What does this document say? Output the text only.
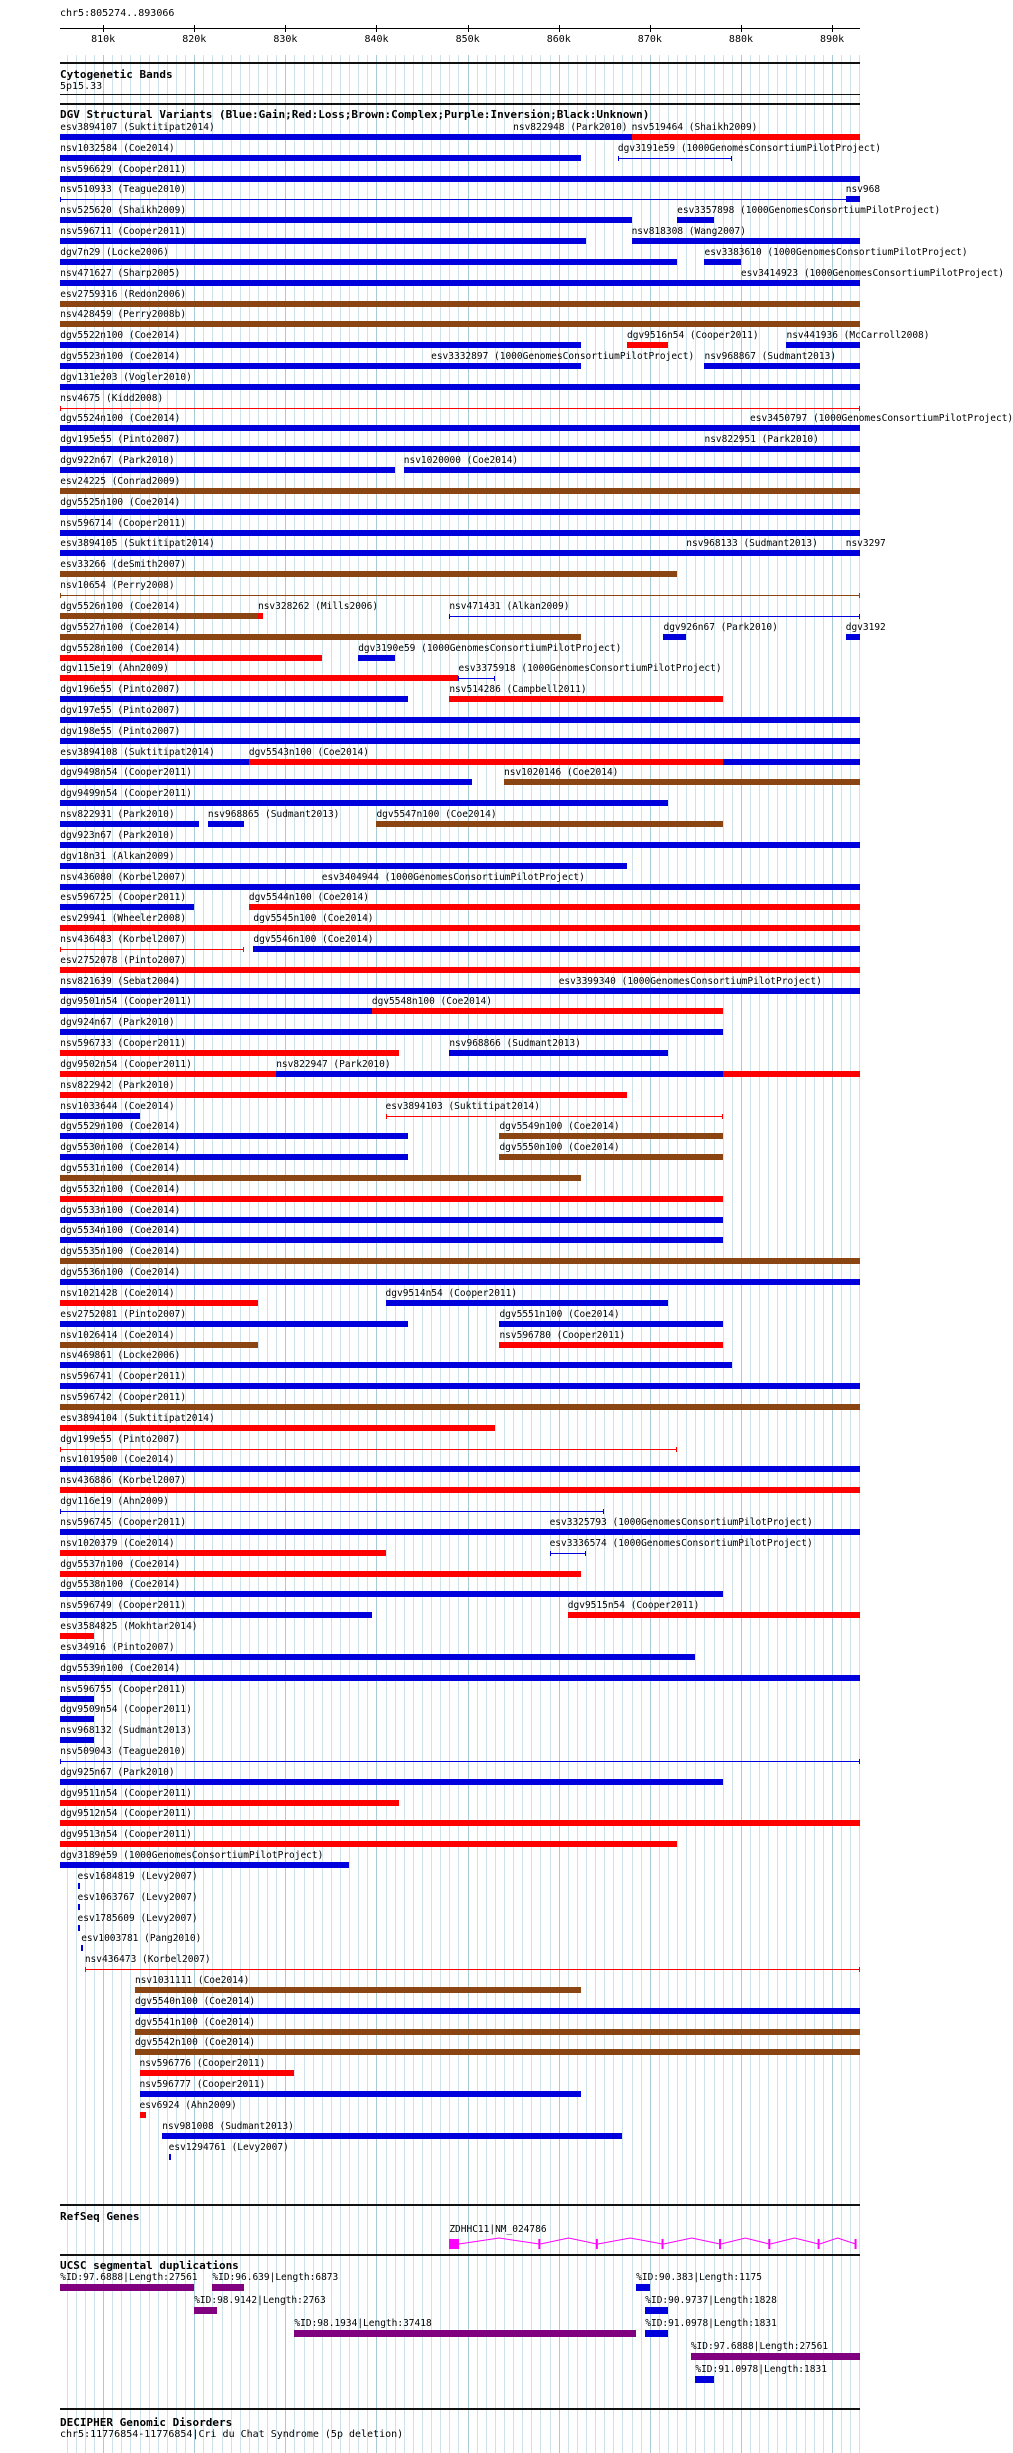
chr5:805274..893066
810k	820k	830k	840k	850k	860k	870k	880k	890k
Cytogenetic Bands
5p15.33
DGV Structural Variants (Blue:Gain;Red:Loss;Brown:Complex;Purple:Inversion;Black:Unknown)
esv3894107 (Suktitipat2014)	nsv822948 (Park2010) nsv519464 (Shaikh2009)
nsv1032584 (Coe2014)	dgv3191e59 (1000GenomesConsortiumPilotProject)
nsv596629 (Cooper2011)
nsv510933 (Teague2010)	nsv968
nsv525620 (Shaikh2009)	esv3357898 (1000GenomesConsortiumPilotProject)
nsv596711 (Cooper2011)	nsv818308 (Wang2007)
dgv7n29 (Locke2006)	esv3383610 (1000GenomesConsortiumPilotProject)
nsv471627 (Sharp2005)	esv3414923 (1000GenomesConsortiumPilotProject)
esv2759316 (Redon2006)
nsv428459 (Perry2008b)
dgv5522n100 (Coe2014)	dgv9516n54 (Cooper2011)	nsv441936 (McCarroll2008)
dgv5523n100 (Coe2014)	esv3332897 (1000GenomesConsortiumPilotProject) nsv968867 (Sudmant2013)
dgv131e203 (Vogler2010)
nsv4675 (Kidd2008)
dgv5524n100 (Coe2014)	esv3450797 (1000GenomesConsortiumPilotProject)
dgv195e55 (Pinto2007)	nsv822951 (Park2010)
dgv922n67 (Park2010)	nsv1020000 (Coe2014)
esv24225 (Conrad2009)
dgv5525n100 (Coe2014)
nsv596714 (Cooper2011)
esv3894105 (Suktitipat2014)	nsv968133 (Sudmant2013)	nsv3297
esv33266 (deSmith2007)
nsv10654 (Perry2008)
dgv5526n100 (Coe2014)	nsv328262 (Mills2006)	nsv471431 (Alkan2009)
dgv5527n100 (Coe2014)	dgv926n67 (Park2010)	dgv3192
dgv5528n100 (Coe2014)	dgv3190e59 (1000GenomesConsortiumPilotProject)
dgv115e19 (Ahn2009)	esv3375918 (1000GenomesConsortiumPilotProject)
dgv196e55 (Pinto2007)	nsv514286 (Campbell2011)
dgv197e55 (Pinto2007)
dgv198e55 (Pinto2007)
esv3894108 (Suktitipat2014)	dgv5543n100 (Coe2014)
dgv9498n54 (Cooper2011)	nsv1020146 (Coe2014)
dgv9499n54 (Cooper2011)
nsv822931 (Park2010)	nsv968865 (Sudmant2013)	dgv5547n100 (Coe2014)
dgv923n67 (Park2010)
dgv18n31 (Alkan2009)
nsv436080 (Korbel2007)	esv3404944 (1000GenomesConsortiumPilotProject)
esv596725 (Cooper2011)	dgv5544n100 (Coe2014)
esv29941 (Wheeler2008)	dgv5545n100 (Coe2014)
nsv436483 (Korbel2007)	dgv5546n100 (Coe2014)
esv2752078 (Pinto2007)
nsv821639 (Sebat2004)	esv3399340 (1000GenomesConsortiumPilotProject)
dgv9501n54 (Cooper2011)	dgv5548n100 (Coe2014)
dgv924n67 (Park2010)
nsv596733 (Cooper2011)	nsv968866 (Sudmant2013)
dgv9502n54 (Cooper2011)	nsv822947 (Park2010)
nsv822942 (Park2010)
nsv1033644 (Coe2014)	esv3894103 (Suktitipat2014)
dgv5529n100 (Coe2014)	dgv5549n100 (Coe2014)
dgv5530n100 (Coe2014)	dgv5550n100 (Coe2014)
dgv5531n100 (Coe2014)
dgv5532n100 (Coe2014)
dgv5533n100 (Coe2014)
dgv5534n100 (Coe2014)
dgv5535n100 (Coe2014)
dgv5536n100 (Coe2014)
nsv1021428 (Coe2014)	dgv9514n54 (Cooper2011)
esv2752081 (Pinto2007)	dgv5551n100 (Coe2014)
nsv1026414 (Coe2014)	nsv596780 (Cooper2011)
nsv469861 (Locke2006)
nsv596741 (Cooper2011)
nsv596742 (Cooper2011)
esv3894104 (Suktitipat2014)
dgv199e55 (Pinto2007)
nsv1019500 (Coe2014)
nsv436886 (Korbel2007)
dgv116e19 (Ahn2009)
nsv596745 (Cooper2011)	esv3325793 (1000GenomesConsortiumPilotProject)
nsv1020379 (Coe2014)	esv3336574 (1000GenomesConsortiumPilotProject)
dgv5537n100 (Coe2014)
dgv5538n100 (Coe2014)
nsv596749 (Cooper2011)	dgv9515n54 (Cooper2011)
esv3584825 (Mokhtar2014)
esv34916 (Pinto2007)
dgv5539n100 (Coe2014)
nsv596755 (Cooper2011)
dgv9509n54 (Cooper2011)
nsv968132 (Sudmant2013)
nsv509043 (Teague2010)
dgv925n67 (Park2010)
dgv9511n54 (Cooper2011)
dgv9512n54 (Cooper2011)
dgv9513n54 (Cooper2011)
dgv3189e59 (1000GenomesConsortiumPilotProject)
esv1684819 (Levy2007)
esv1063767 (Levy2007)
esv1785609 (Levy2007)
esv1003781 (Pang2010)
nsv436473 (Korbel2007)
nsv1031111 (Coe2014)
dgv5540n100 (Coe2014)
dgv5541n100 (Coe2014)
dgv5542n100 (Coe2014)
nsv596776 (Cooper2011)
nsv596777 (Cooper2011)
esv6924 (Ahn2009)
nsv981008 (Sudmant2013)
esv1294761 (Levy2007)
RefSeq Genes
ZDHHC11|NM_024786
UCSC segmental duplications
%ID:97.6888|Length:27561 %ID:96.639|Length:6873	%ID:90.383|Length:1175
%ID:98.9142|Length:2763	%ID:90.9737|Length:1828
%ID:98.1934|Length:37418	%ID:91.0978|Length:1831
%ID:97.6888|Length:27561
%ID:91.0978|Length:1831
DECIPHER Genomic Disorders
chr5:11776854-11776854|Cri du Chat Syndrome (5p deletion)
